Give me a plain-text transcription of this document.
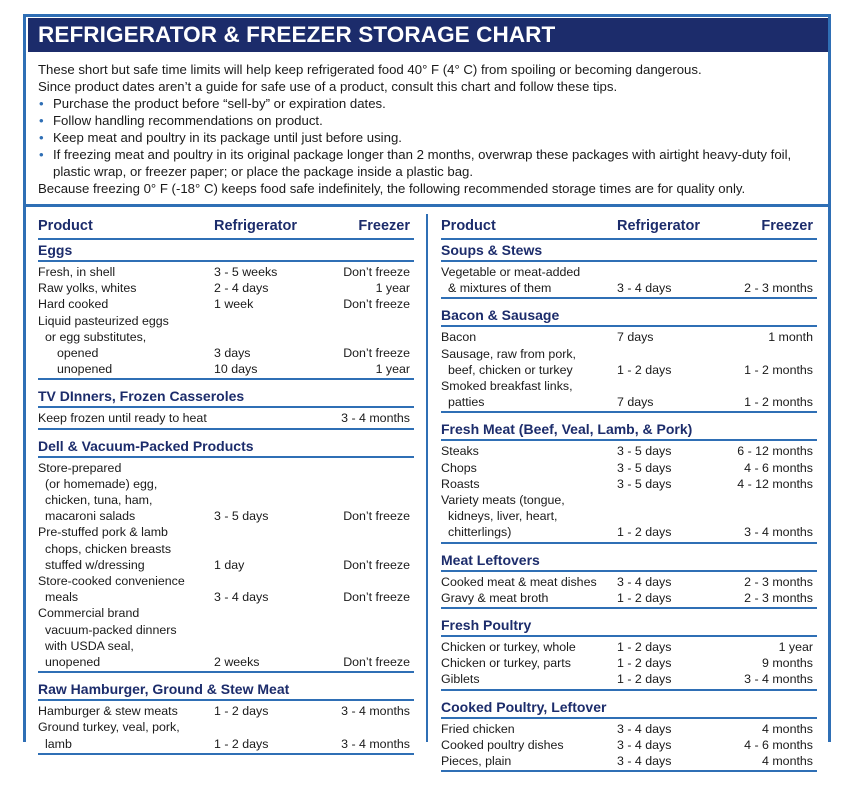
REFRIGERATOR & FREEZER STORAGE CHART

These short but safe time limits will help keep refrigerated food 40° F (4° C) from spoiling or becoming dangerous.

Since product dates aren’t a guide for safe use of a product, consult this chart and follow these tips.

• Purchase the product before “sell-by” or expiration dates.
• Follow handling recommendations on product.
• Keep meat and poultry in its package until just before using.
• If freezing meat and poultry in its original package longer than 2 months, overwrap these packages with airtight heavy-duty foil, plastic wrap, or freezer paper; or place the package inside a plastic bag.

Because freezing 0° F (-18° C) keeps food safe indefinitely, the following recommended storage times are for quality only.

Product	Refrigerator	Freezer
Eggs
Fresh, in shell	3 - 5 weeks	Don’t freeze
Raw yolks, whites	2 - 4 days	1 year
Hard cooked	1 week	Don’t freeze
Liquid pasteurized eggs
or egg substitutes,
opened	3 days	Don’t freeze
unopened	10 days	1 year
TV DInners, Frozen Casseroles
Keep frozen until ready to heat	3 - 4 months
Dell & Vacuum-Packed Products
Store-prepared
(or homemade) egg,
chicken, tuna, ham,
macaroni salads	3 - 5 days	Don’t freeze
Pre-stuffed pork & lamb
chops, chicken breasts
stuffed w/dressing	1 day	Don’t freeze
Store-cooked convenience
meals	3 - 4 days	Don’t freeze
Commercial brand
vacuum-packed dinners
with USDA seal,
unopened	2 weeks	Don’t freeze
Raw Hamburger, Ground & Stew Meat
Hamburger & stew meats	1 - 2 days	3 - 4 months
Ground turkey, veal, pork,
lamb	1 - 2 days	3 - 4 months
Product	Refrigerator	Freezer
Soups & Stews
Vegetable or meat-added
& mixtures of them	3 - 4 days	2 - 3 months
Bacon & Sausage
Bacon	7 days	1 month
Sausage, raw from pork,
beef, chicken or turkey	1 - 2 days	1 - 2 months
Smoked breakfast links,
patties	7 days	1 - 2 months
Fresh Meat (Beef, Veal, Lamb, & Pork)
Steaks	3 - 5 days	6 - 12 months
Chops	3 - 5 days	4 - 6 months
Roasts	3 - 5 days	4 - 12 months
Variety meats (tongue,
kidneys, liver, heart,
chitterlings)	1 - 2 days	3 - 4 months
Meat Leftovers
Cooked meat & meat dishes	3 - 4 days	2 - 3 months
Gravy & meat broth	1 - 2 days	2 - 3 months
Fresh Poultry
Chicken or turkey, whole	1 - 2 days	1 year
Chicken or turkey, parts	1 - 2 days	9 months
Giblets	1 - 2 days	3 - 4 months
Cooked Poultry, Leftover
Fried chicken	3 - 4 days	4 months
Cooked poultry dishes	3 - 4 days	4 - 6 months
Pieces, plain	3 - 4 days	4 months
